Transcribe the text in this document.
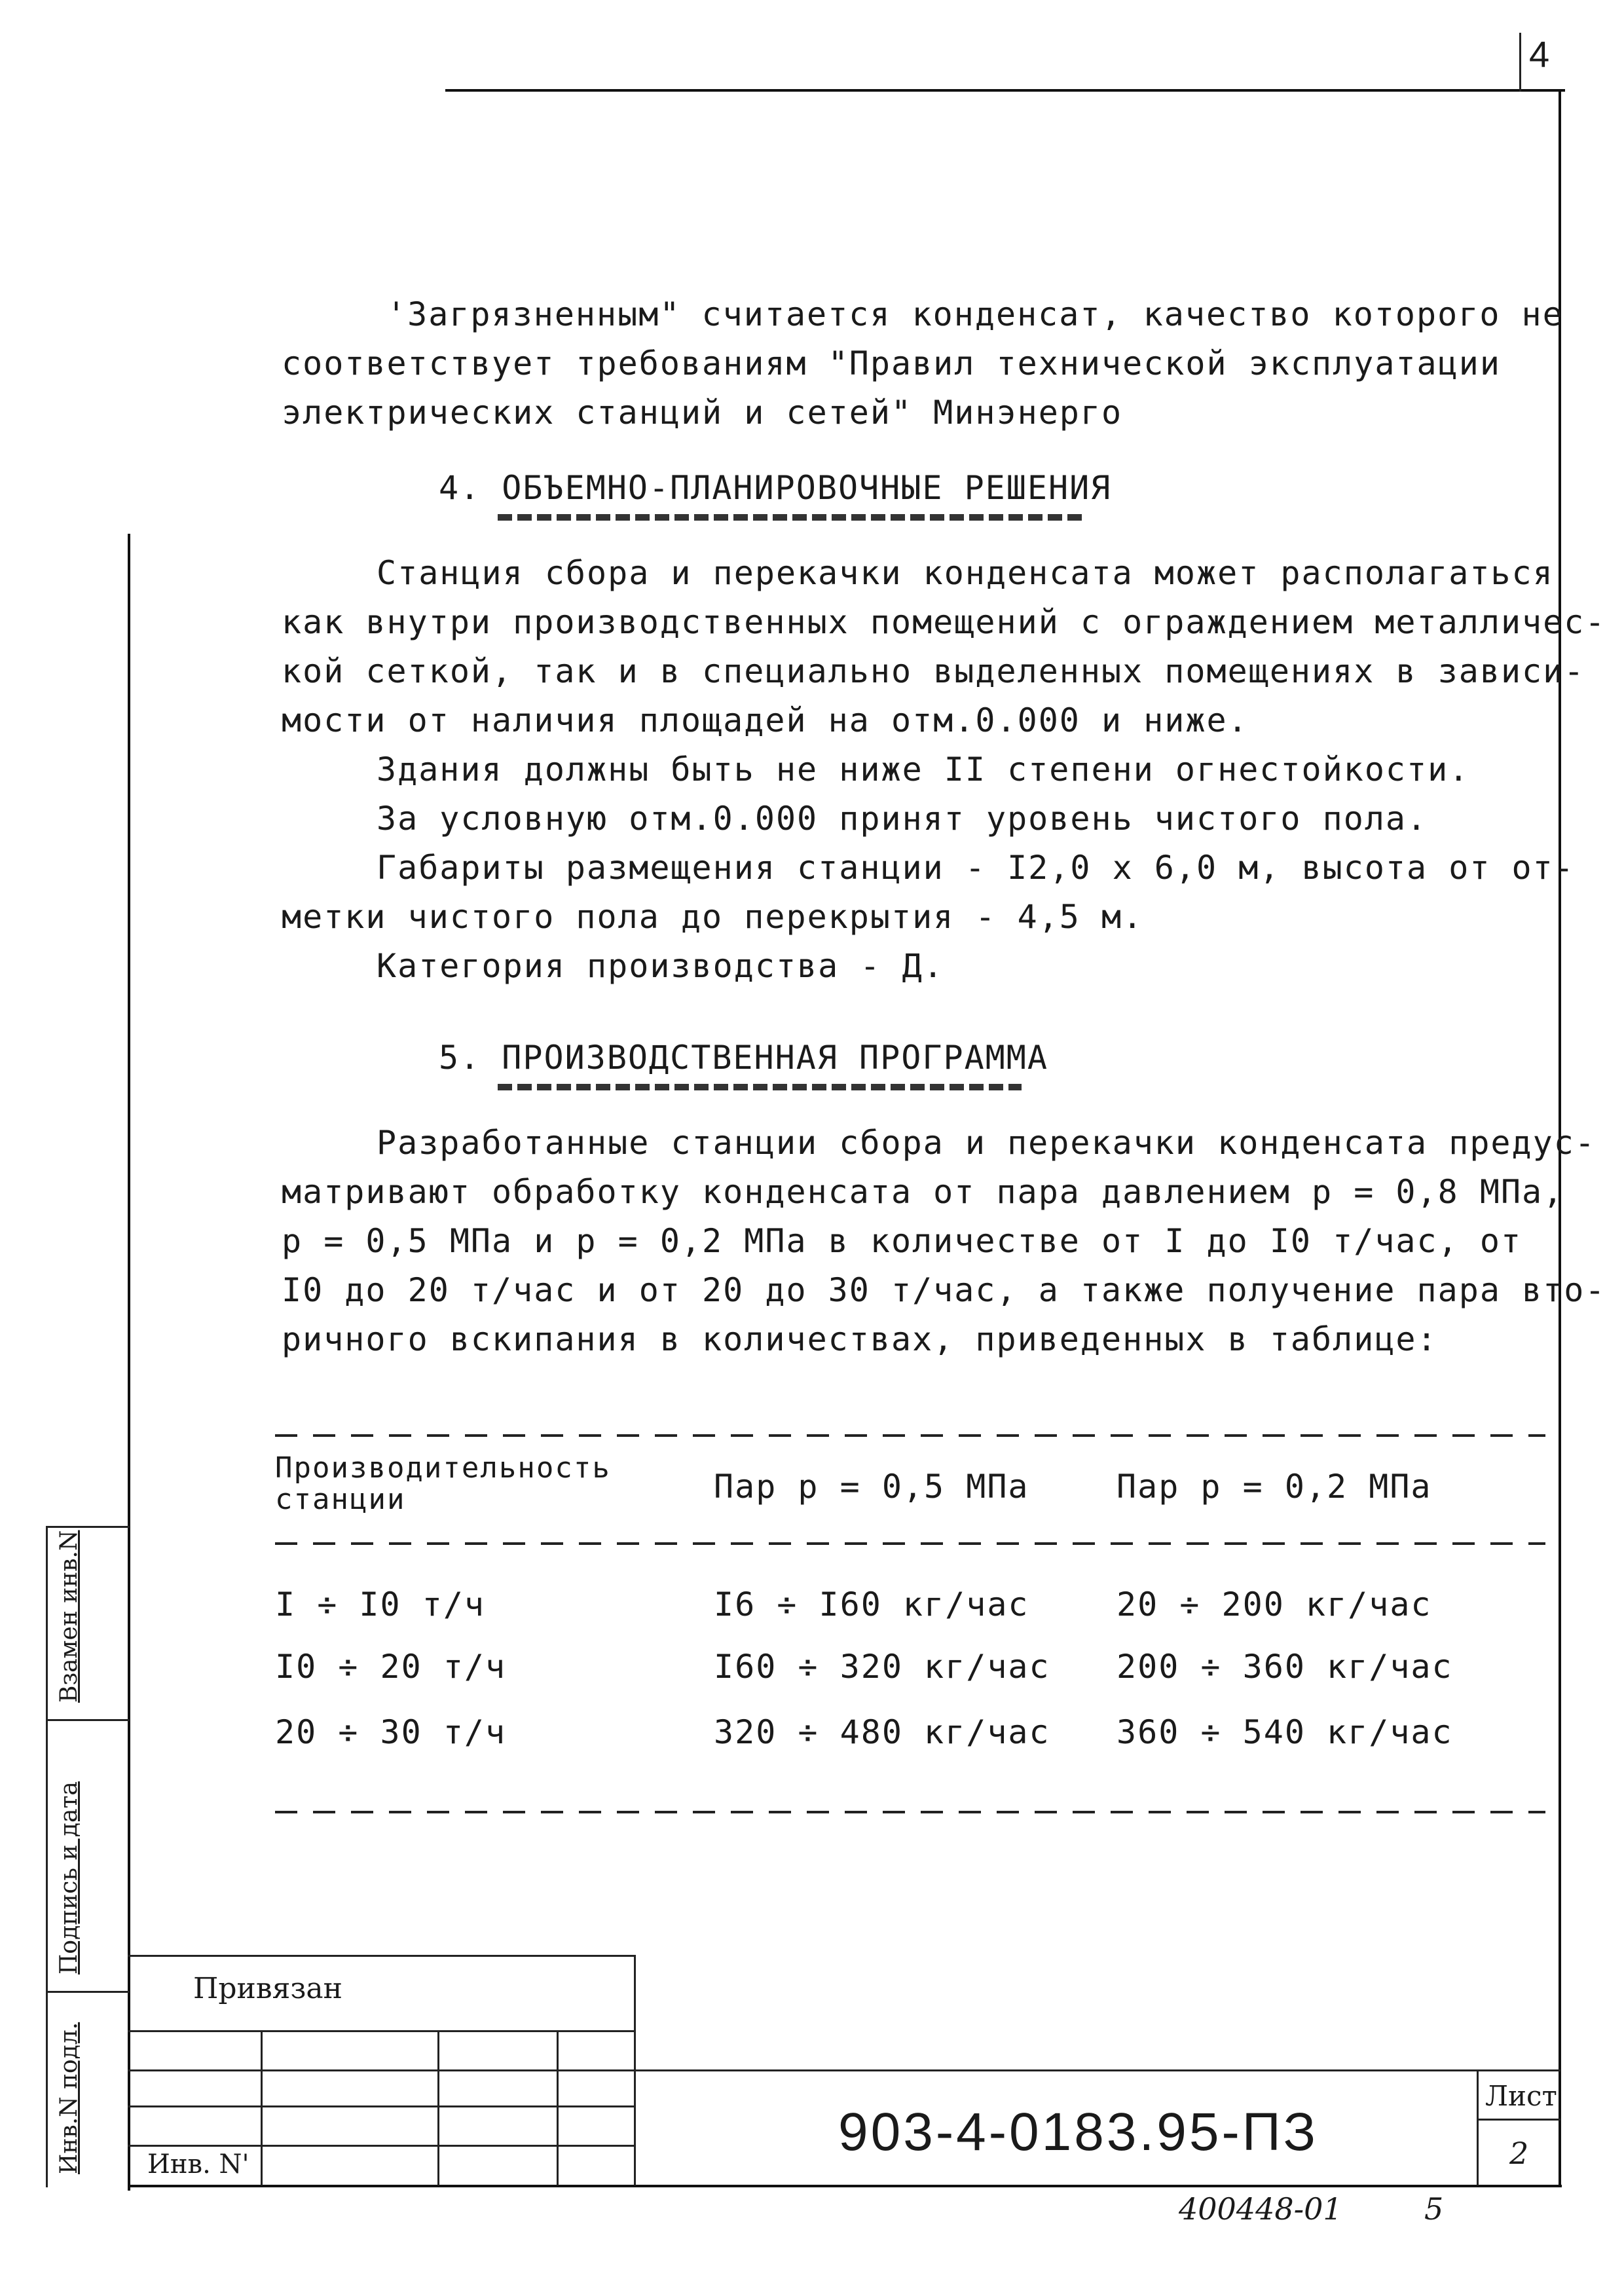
4
'Загрязненным" считается конденсат, качество которого не
соответствует требованиям "Правил технической эксплуатации
электрических станций и сетей" Минэнерго
4. ОБЪЕМНО-ПЛАНИРОВОЧНЫЕ РЕШЕНИЯ
Станция сбора и перекачки конденсата может располагаться
как внутри производственных помещений с ограждением металличес-
кой сеткой, так и в специально выделенных помещениях в зависи-
мости от наличия площадей на отм.0.000 и ниже.
Здания должны быть не ниже II степени огнестойкости.
За условную отм.0.000 принят уровень чистого пола.
Габариты размещения станции - I2,0 х 6,0 м, высота от от-
метки чистого пола до перекрытия - 4,5 м.
Категория производства - Д.
5. ПРОИЗВОДСТВЕННАЯ ПРОГРАММА
Разработанные станции сбора и перекачки конденсата предус-
матривают обработку конденсата от пара давлением p = 0,8 МПа,
p = 0,5 МПа и p = 0,2 МПа в количестве от I до I0 т/час, от
I0 до 20 т/час и от 20 до 30 т/час, а также получение пара вто-
ричного вскипания в количествах, приведенных в таблице:
Производительность
станции	Пар p = 0,5 МПа	Пар p = 0,2 МПа
I ÷ I0 т/ч	I6 ÷ I60 кг/час	20 ÷ 200 кг/час
I0 ÷ 20 т/ч	I60 ÷ 320 кг/час 200 ÷ 360 кг/час
20 ÷ 30 т/ч	320 ÷ 480 кг/час 360 ÷ 540 кг/час
Взамен инв.N
Подпись и дата
Инв.N подл.
Привязан
Инв. N'
903-4-0183.95-ПЗ
Лист
2
400448-01	5
